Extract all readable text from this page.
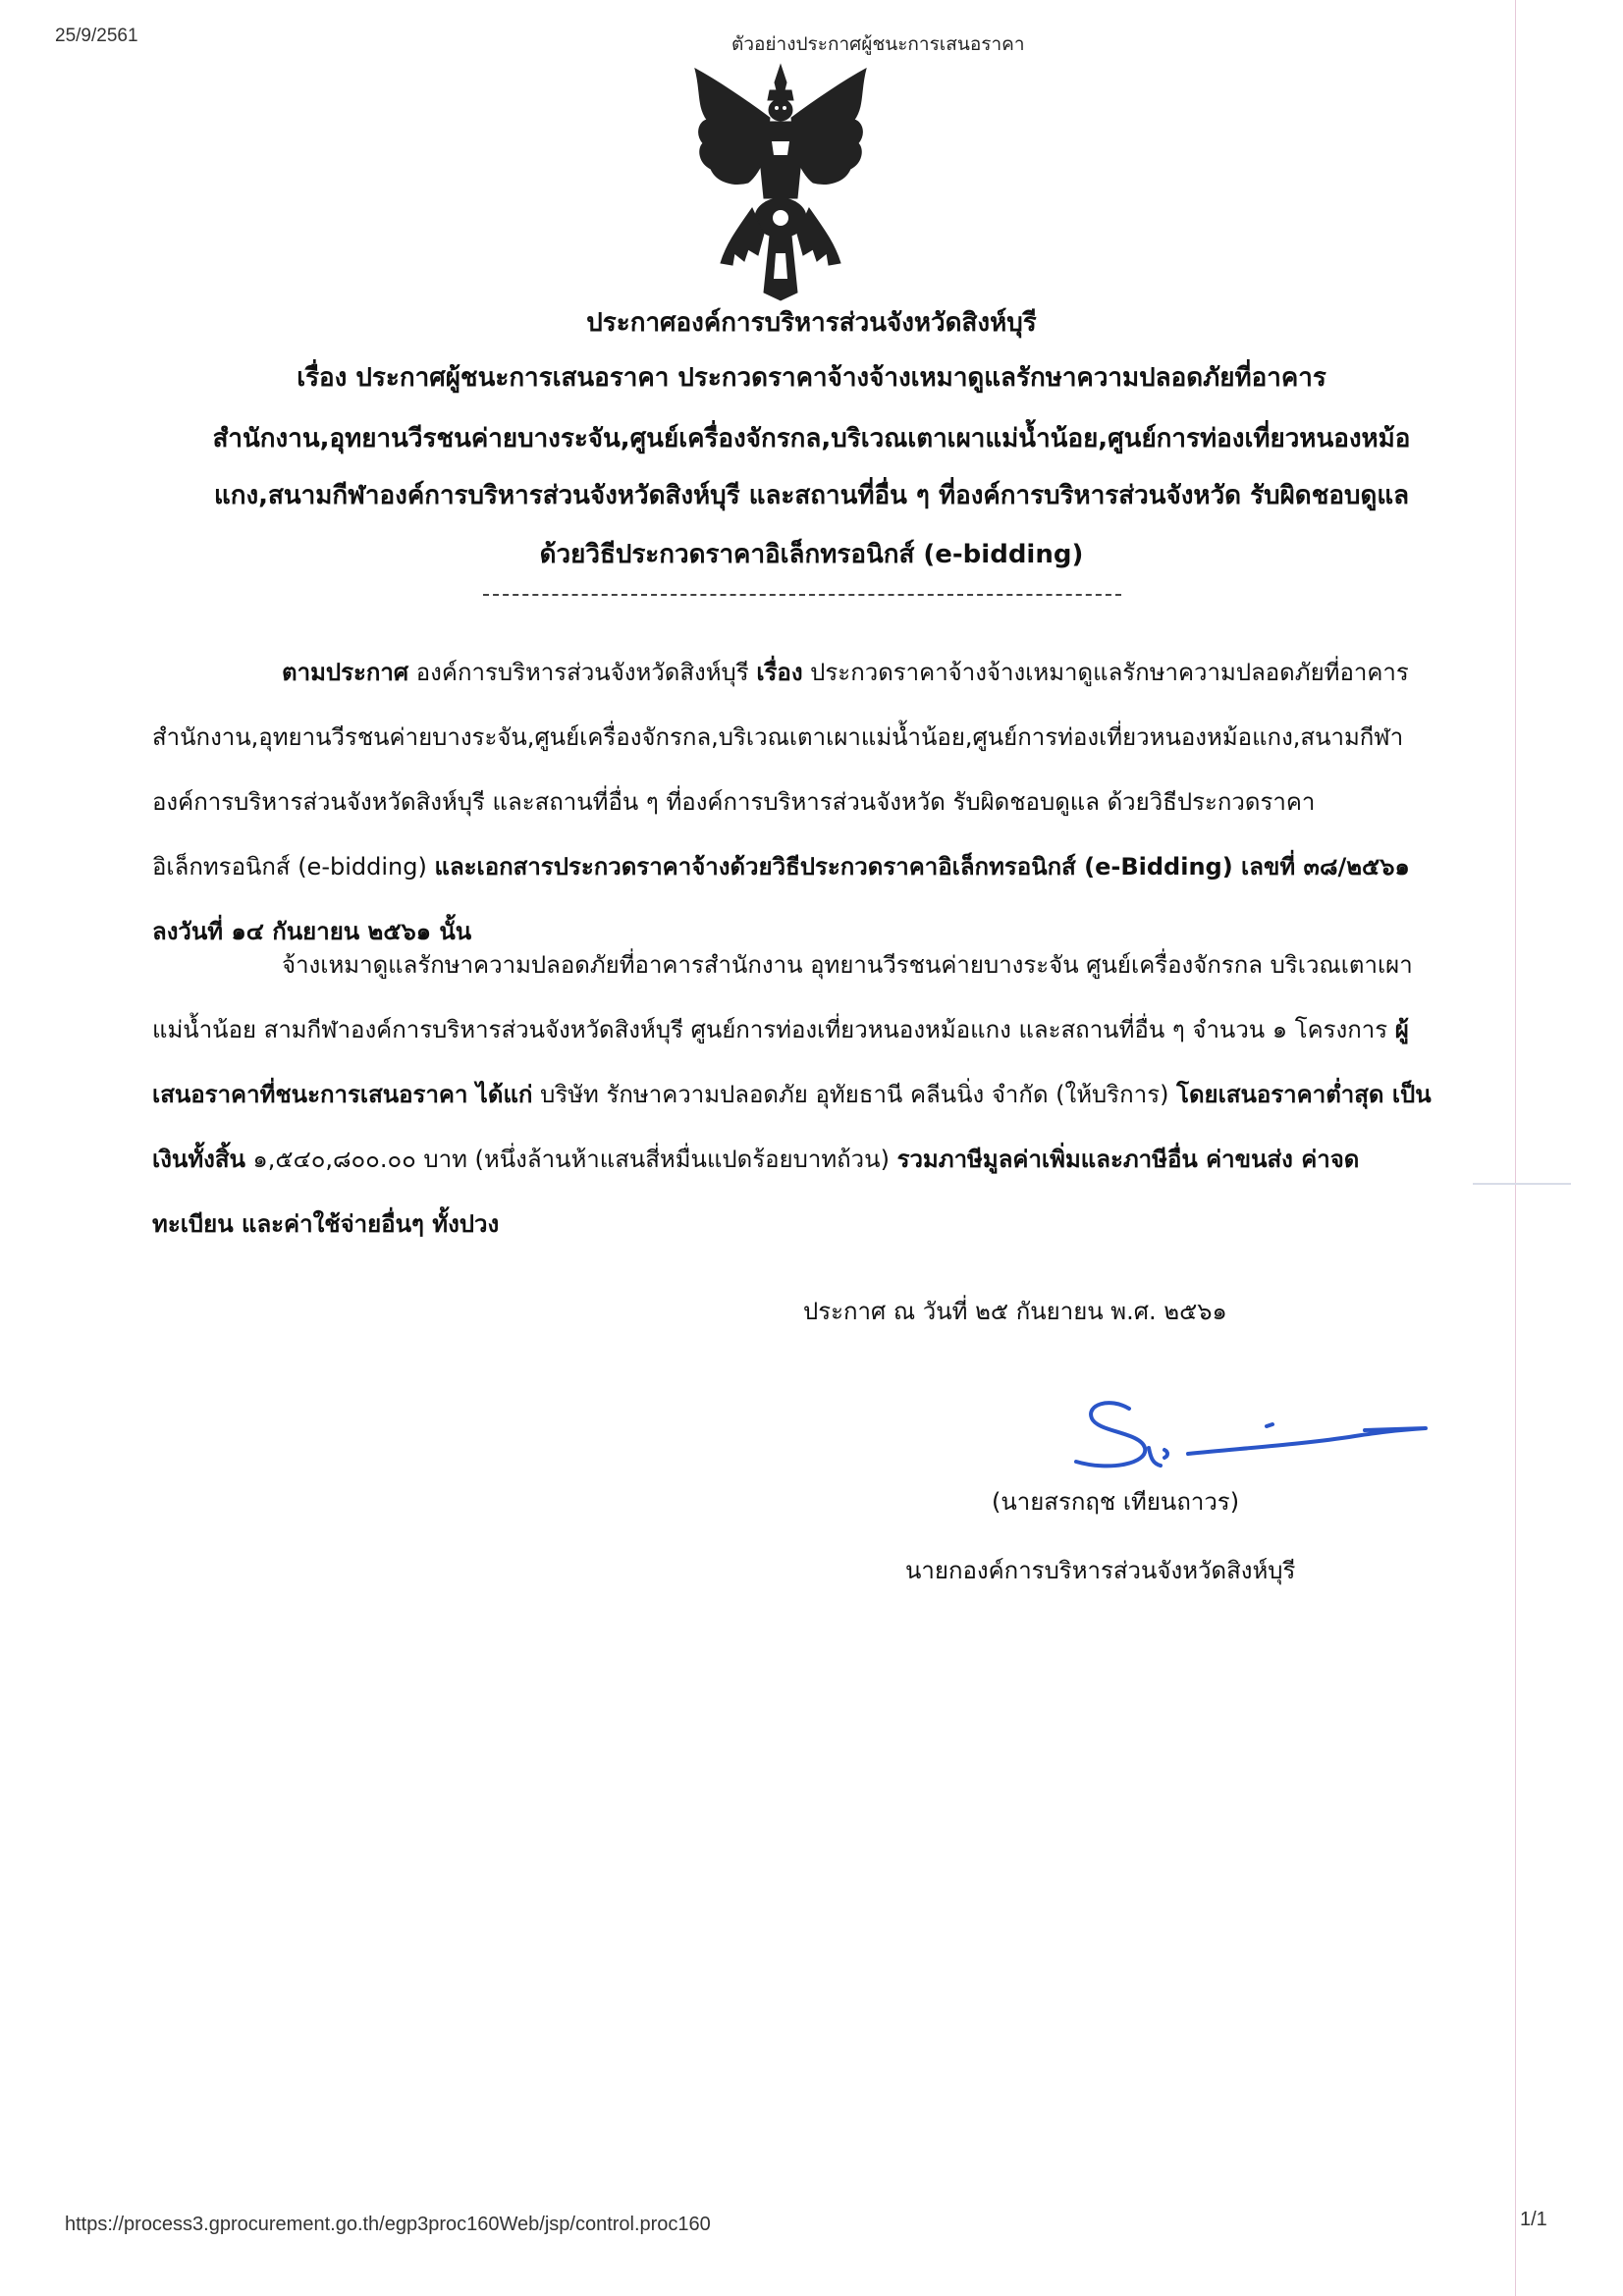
25/9/2561	ตัวอย่างประกาศผู้ชนะการเสนอราคา
ประกาศองค์การบริหารส่วนจังหวัดสิงห์บุรี
เรื่อง ประกาศผู้ชนะการเสนอราคา ประกวดราคาจ้างจ้างเหมาดูแลรักษาความปลอดภัยที่อาคาร
สำนักงาน,อุทยานวีรชนค่ายบางระจัน,ศูนย์เครื่องจักรกล,บริเวณเตาเผาแม่น้ำน้อย,ศูนย์การท่องเที่ยวหนองหม้อ
แกง,สนามกีฬาองค์การบริหารส่วนจังหวัดสิงห์บุรี และสถานที่อื่น ๆ ที่องค์การบริหารส่วนจังหวัด รับผิดชอบดูแล
ด้วยวิธีประกวดราคาอิเล็กทรอนิกส์ (e-bidding)

ตามประกาศ องค์การบริหารส่วนจังหวัดสิงห์บุรี เรื่อง ประกวดราคาจ้างจ้างเหมาดูแลรักษาความปลอดภัยที่อาคารสำนักงาน,อุทยานวีรชนค่ายบางระจัน,ศูนย์เครื่องจักรกล,บริเวณเตาเผาแม่น้ำน้อย,ศูนย์การท่องเที่ยวหนองหม้อแกง,สนามกีฬาองค์การบริหารส่วนจังหวัดสิงห์บุรี และสถานที่อื่น ๆ ที่องค์การบริหารส่วนจังหวัด รับผิดชอบดูแล ด้วยวิธีประกวดราคาอิเล็กทรอนิกส์ (e-bidding) และเอกสารประกวดราคาจ้างด้วยวิธีประกวดราคาอิเล็กทรอนิกส์ (e-Bidding) เลขที่ ๓๘/๒๕๖๑ ลงวันที่ ๑๔ กันยายน ๒๕๖๑ นั้น

จ้างเหมาดูแลรักษาความปลอดภัยที่อาคารสำนักงาน อุทยานวีรชนค่ายบางระจัน ศูนย์เครื่องจักรกล บริเวณเตาเผาแม่น้ำน้อย สามกีฬาองค์การบริหารส่วนจังหวัดสิงห์บุรี ศูนย์การท่องเที่ยวหนองหม้อแกง และสถานที่อื่น ๆ จำนวน ๑ โครงการ ผู้เสนอราคาที่ชนะการเสนอราคา ได้แก่ บริษัท รักษาความปลอดภัย อุทัยธานี คลีนนิ่ง จำกัด (ให้บริการ) โดยเสนอราคาต่ำสุด เป็นเงินทั้งสิ้น ๑,๕๔๐,๘๐๐.๐๐ บาท (หนึ่งล้านห้าแสนสี่หมื่นแปดร้อยบาทถ้วน) รวมภาษีมูลค่าเพิ่มและภาษีอื่น ค่าขนส่ง ค่าจดทะเบียน และค่าใช้จ่ายอื่นๆ ทั้งปวง

ประกาศ ณ วันที่ ๒๕ กันยายน พ.ศ. ๒๕๖๑
(นายสรกฤช เทียนถาวร)
นายกองค์การบริหารส่วนจังหวัดสิงห์บุรี
https://process3.gprocurement.go.th/egp3proc160Web/jsp/control.proc160	1/1
